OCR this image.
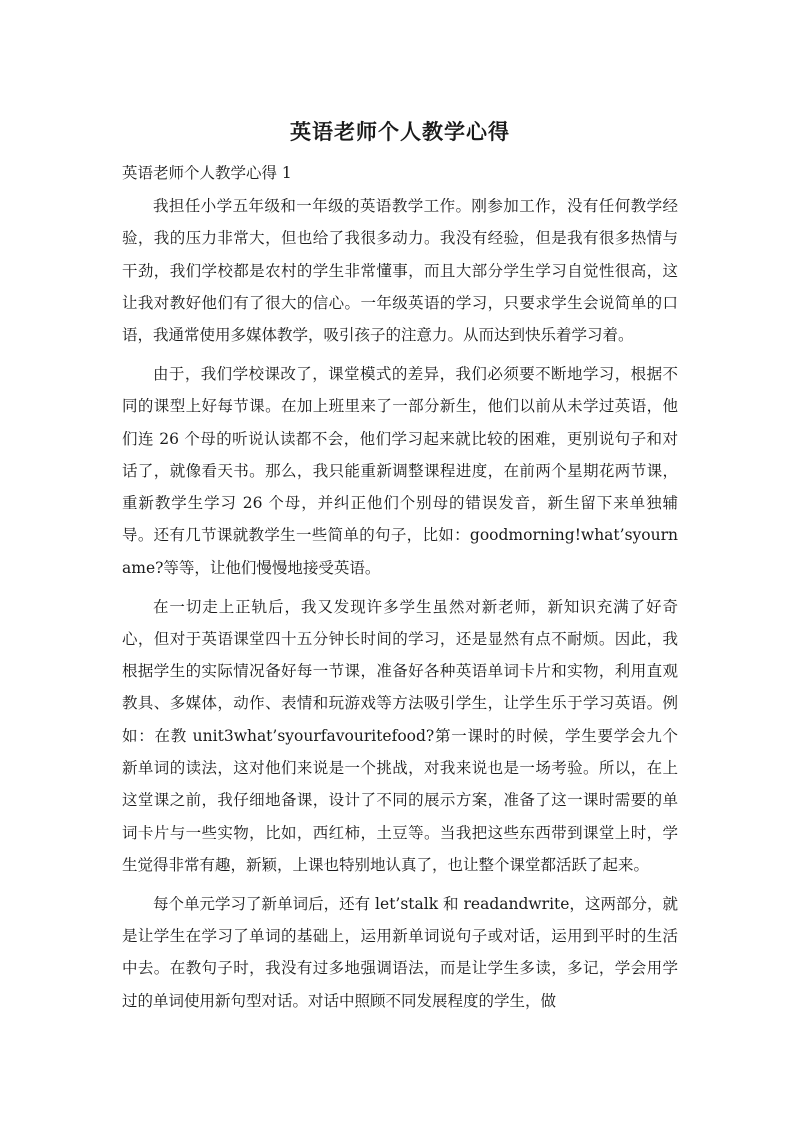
英语老师个人教学心得

英语老师个人教学心得 1

我担任小学五年级和一年级的英语教学工作。刚参加工作，没有任何教学经验，我的压力非常大，但也给了我很多动力。我没有经验，但是我有很多热情与干劲，我们学校都是农村的学生非常懂事，而且大部分学生学习自觉性很高，这让我对教好他们有了很大的信心。一年级英语的学习，只要求学生会说简单的口语，我通常使用多媒体教学，吸引孩子的注意力。从而达到快乐着学习着。

由于，我们学校课改了，课堂模式的差异，我们必须要不断地学习，根据不同的课型上好每节课。在加上班里来了一部分新生，他们以前从未学过英语，他们连 26 个母的听说认读都不会，他们学习起来就比较的困难，更别说句子和对话了，就像看天书。那么，我只能重新调整课程进度，在前两个星期花两节课，重新教学生学习 26 个母，并纠正他们个别母的错误发音，新生留下来单独辅导。还有几节课就教学生一些简单的句子，比如：goodmorning!what’syourname?等等，让他们慢慢地接受英语。

在一切走上正轨后，我又发现许多学生虽然对新老师，新知识充满了好奇心，但对于英语课堂四十五分钟长时间的学习，还是显然有点不耐烦。因此，我根据学生的实际情况备好每一节课，准备好各种英语单词卡片和实物，利用直观教具、多媒体，动作、表情和玩游戏等方法吸引学生，让学生乐于学习英语。例如：在教 unit3what’syourfavouritefood?第一课时的时候，学生要学会九个新单词的读法，这对他们来说是一个挑战，对我来说也是一场考验。所以，在上这堂课之前，我仔细地备课，设计了不同的展示方案，准备了这一课时需要的单词卡片与一些实物，比如，西红柿，土豆等。当我把这些东西带到课堂上时，学生觉得非常有趣，新颖，上课也特别地认真了，也让整个课堂都活跃了起来。

每个单元学习了新单词后，还有 let’stalk 和 readandwrite，这两部分，就是让学生在学习了单词的基础上，运用新单词说句子或对话，运用到平时的生活中去。在教句子时，我没有过多地强调语法，而是让学生多读，多记，学会用学过的单词使用新句型对话。对话中照顾不同发展程度的学生，做
